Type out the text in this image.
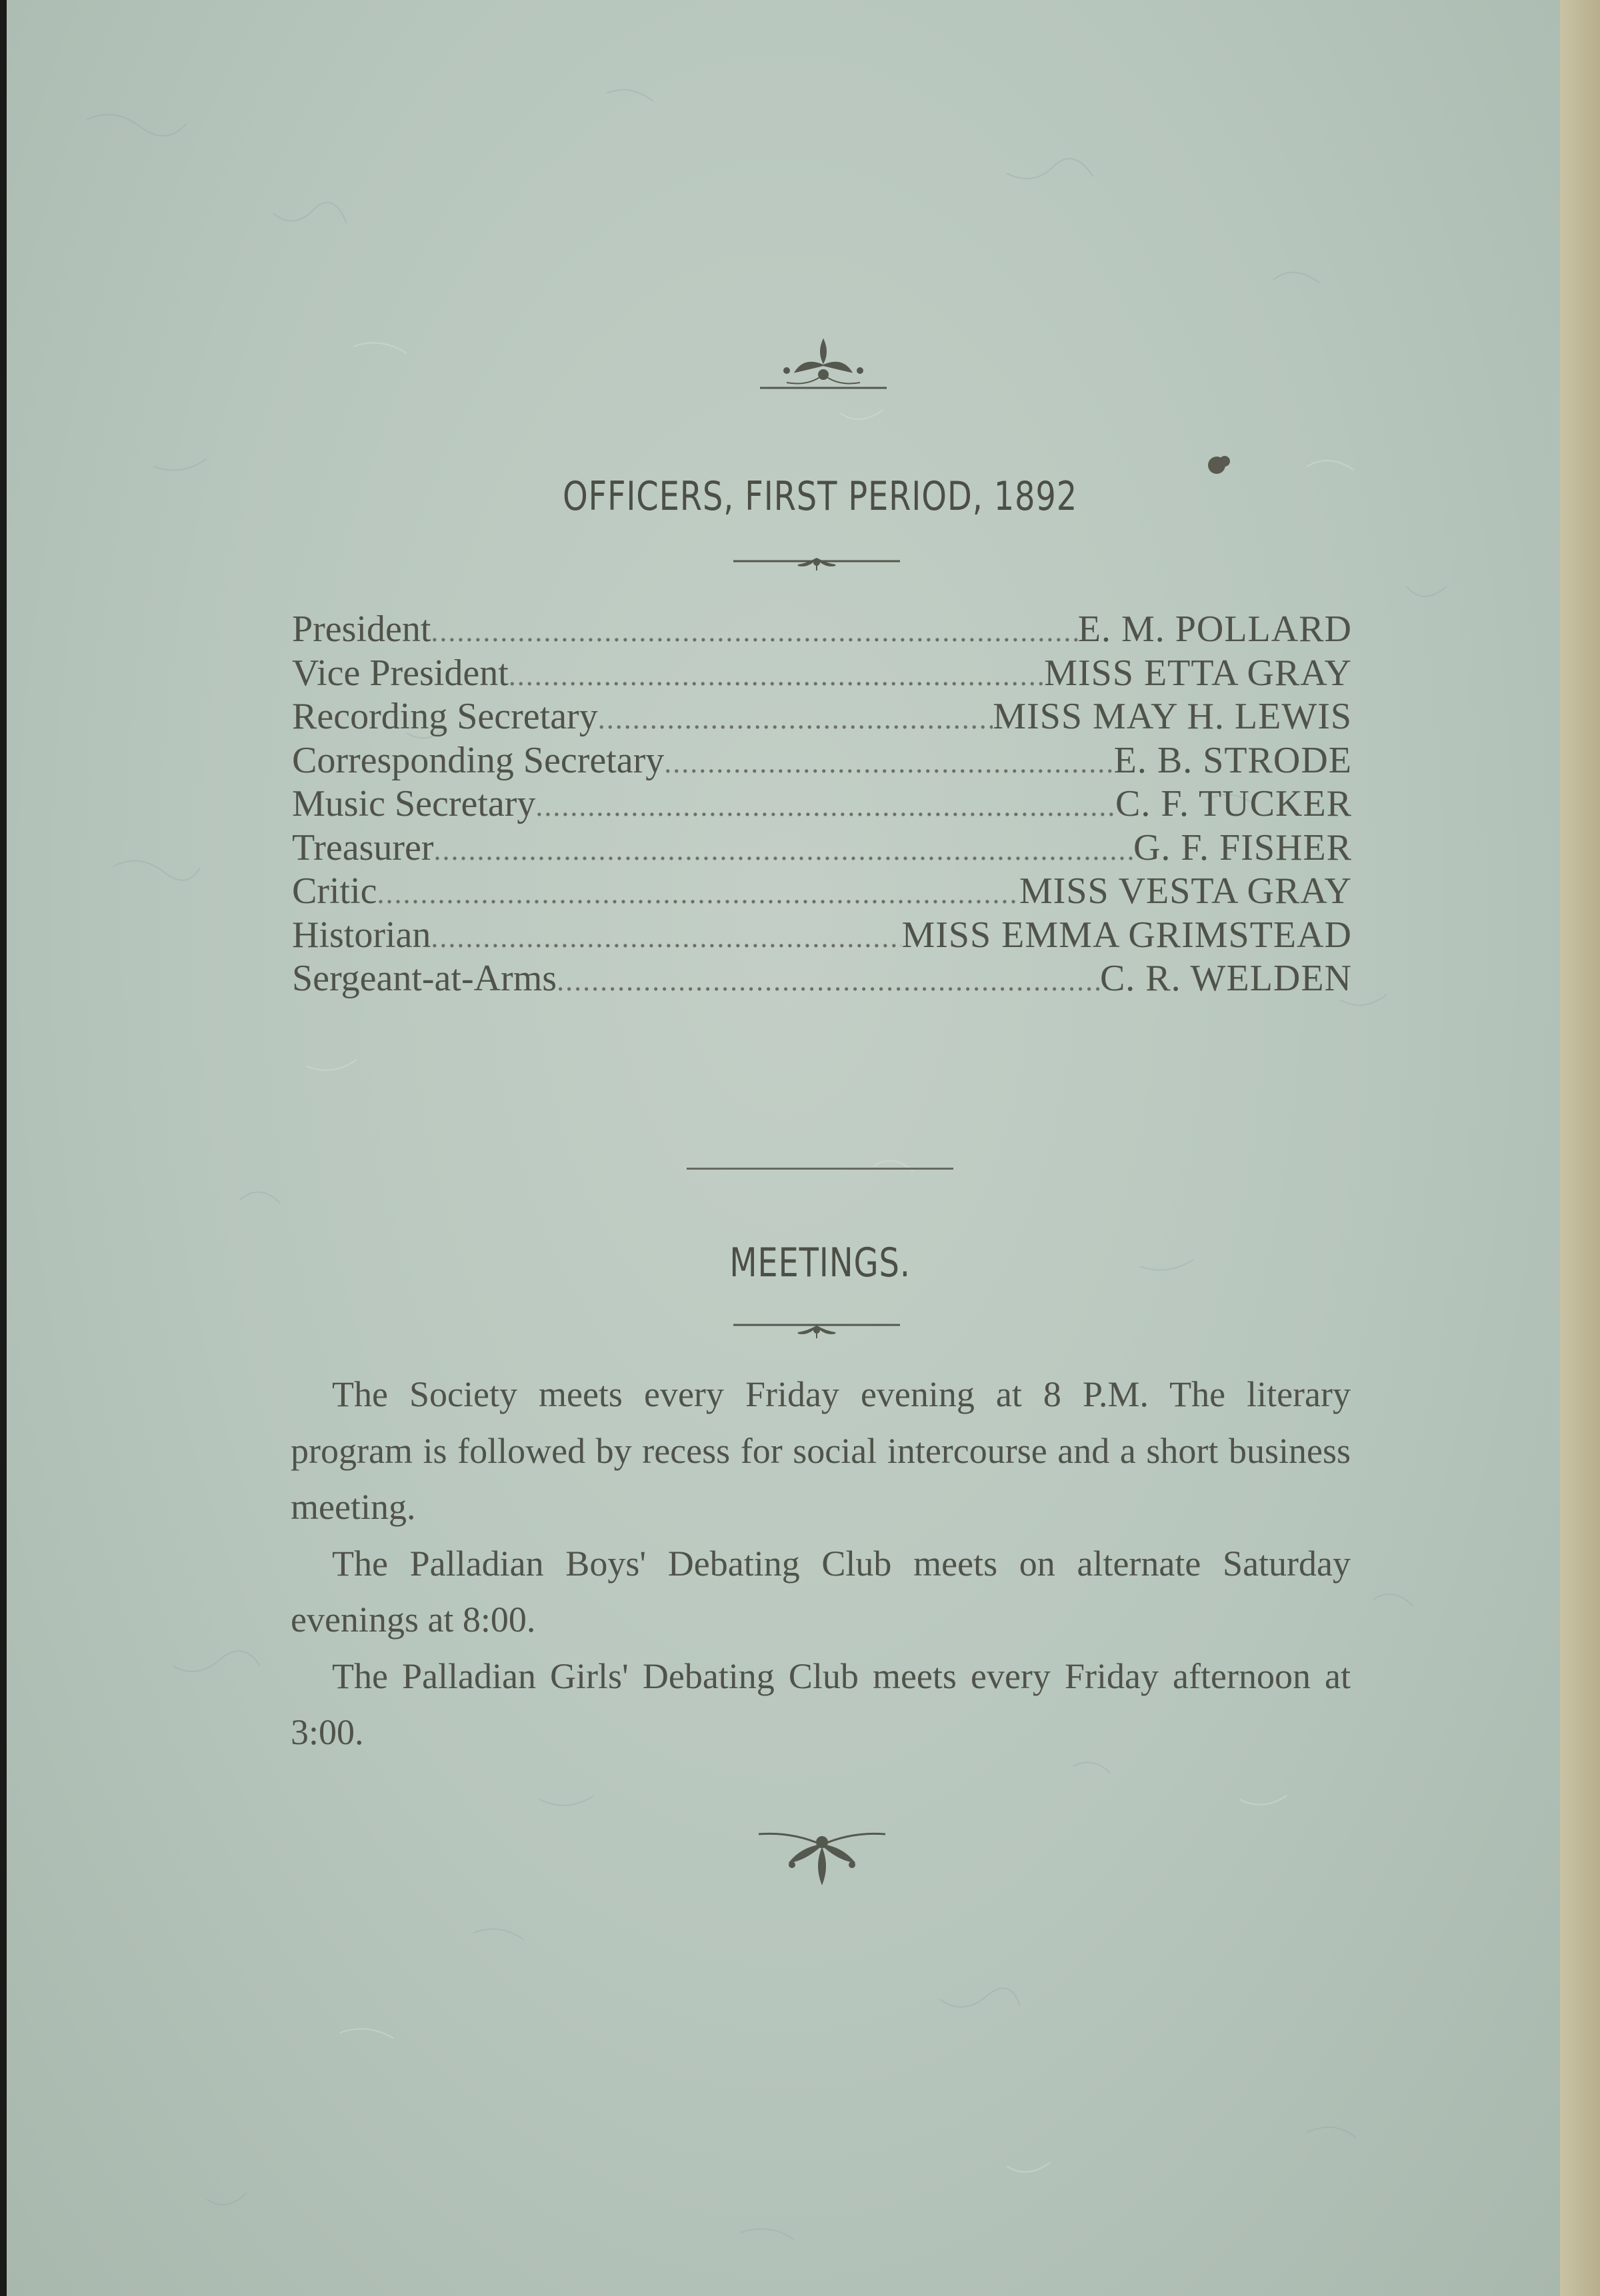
OFFICERS, FIRST PERIOD, 1892
President .....	E. M. POLLARD
Vice President .....	MISS ETTA GRAY
Recording Secretary .....	MISS MAY H. LEWIS
Corresponding Secretary .....	E. B. STRODE
Music Secretary .....	C. F. TUCKER
Treasurer .....	G. F. FISHER
Critic .....	MISS VESTA GRAY
Historian .....	MISS EMMA GRIMSTEAD
Sergeant-at-Arms .....	C. R. WELDEN
MEETINGS.

The Society meets every Friday evening at 8 P.M. The literary program is followed by recess for social intercourse and a short business meeting.

The Palladian Boys' Debating Club meets on alternate Saturday evenings at 8:00.

The Palladian Girls' Debating Club meets every Friday afternoon at 3:00.
